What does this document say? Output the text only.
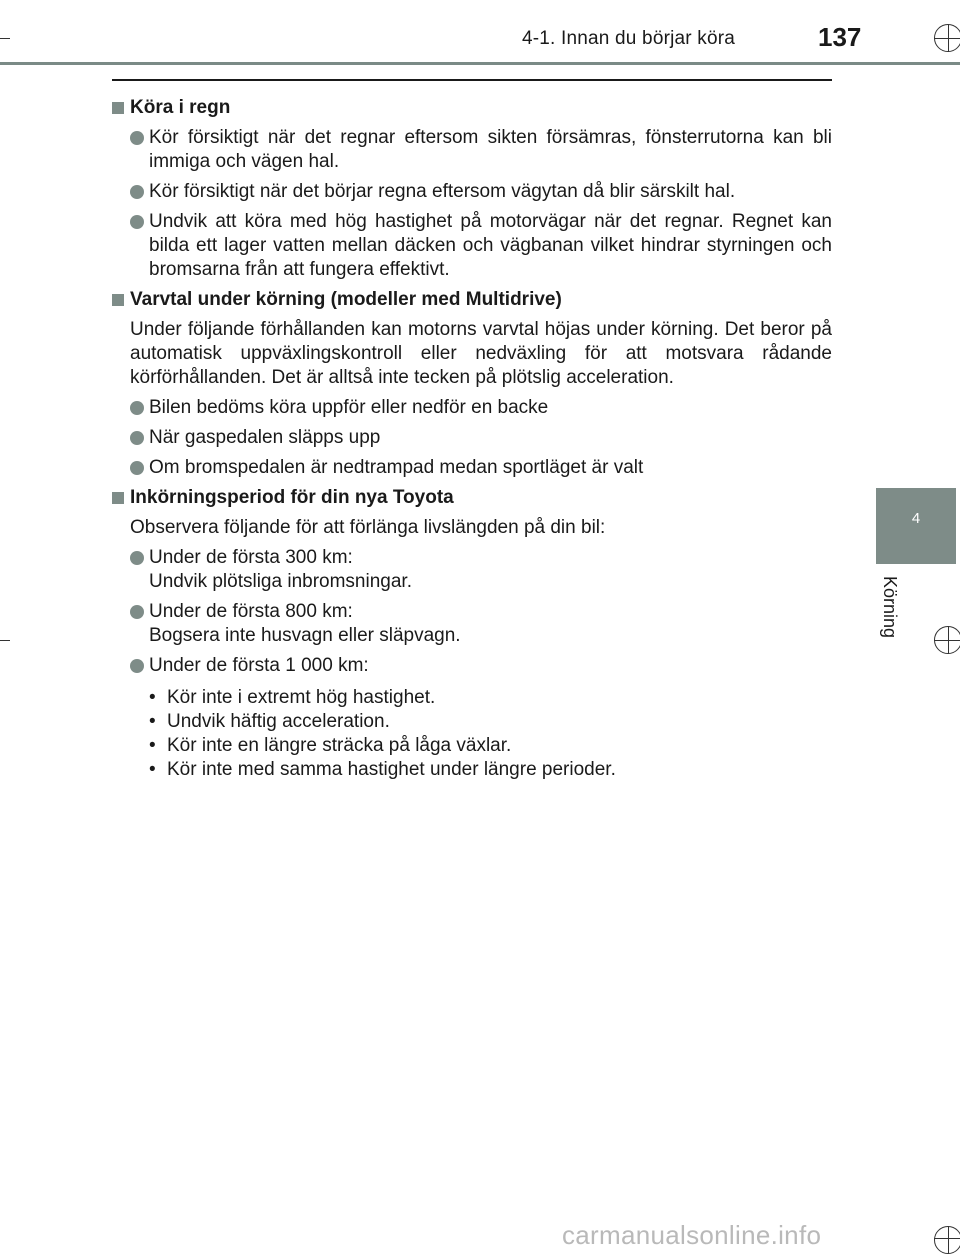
4-1. Innan du börjar köra	137
4
Körning
Köra i regn
Kör försiktigt när det regnar eftersom sikten försämras, fönsterrutorna kan bli immiga och vägen hal.
Kör försiktigt när det börjar regna eftersom vägytan då blir särskilt hal.
Undvik att köra med hög hastighet på motorvägar när det regnar. Regnet kan bilda ett lager vatten mellan däcken och vägbanan vilket hindrar styrningen och bromsarna från att fungera effektivt.
Varvtal under körning (modeller med Multidrive)
Under följande förhållanden kan motorns varvtal höjas under körning. Det beror på automatisk uppväxlingskontroll eller nedväxling för att motsvara rådande körförhållanden. Det är alltså inte tecken på plötslig acceleration.
Bilen bedöms köra uppför eller nedför en backe
När gaspedalen släpps upp
Om bromspedalen är nedtrampad medan sportläget är valt
Inkörningsperiod för din nya Toyota
Observera följande för att förlänga livslängden på din bil:
Under de första 300 km:
Undvik plötsliga inbromsningar.
Under de första 800 km:
Bogsera inte husvagn eller släpvagn.
Under de första 1 000 km:
• Kör inte i extremt hög hastighet.
• Undvik häftig acceleration.
• Kör inte en längre sträcka på låga växlar.
• Kör inte med samma hastighet under längre perioder.
carmanualsonline.info
